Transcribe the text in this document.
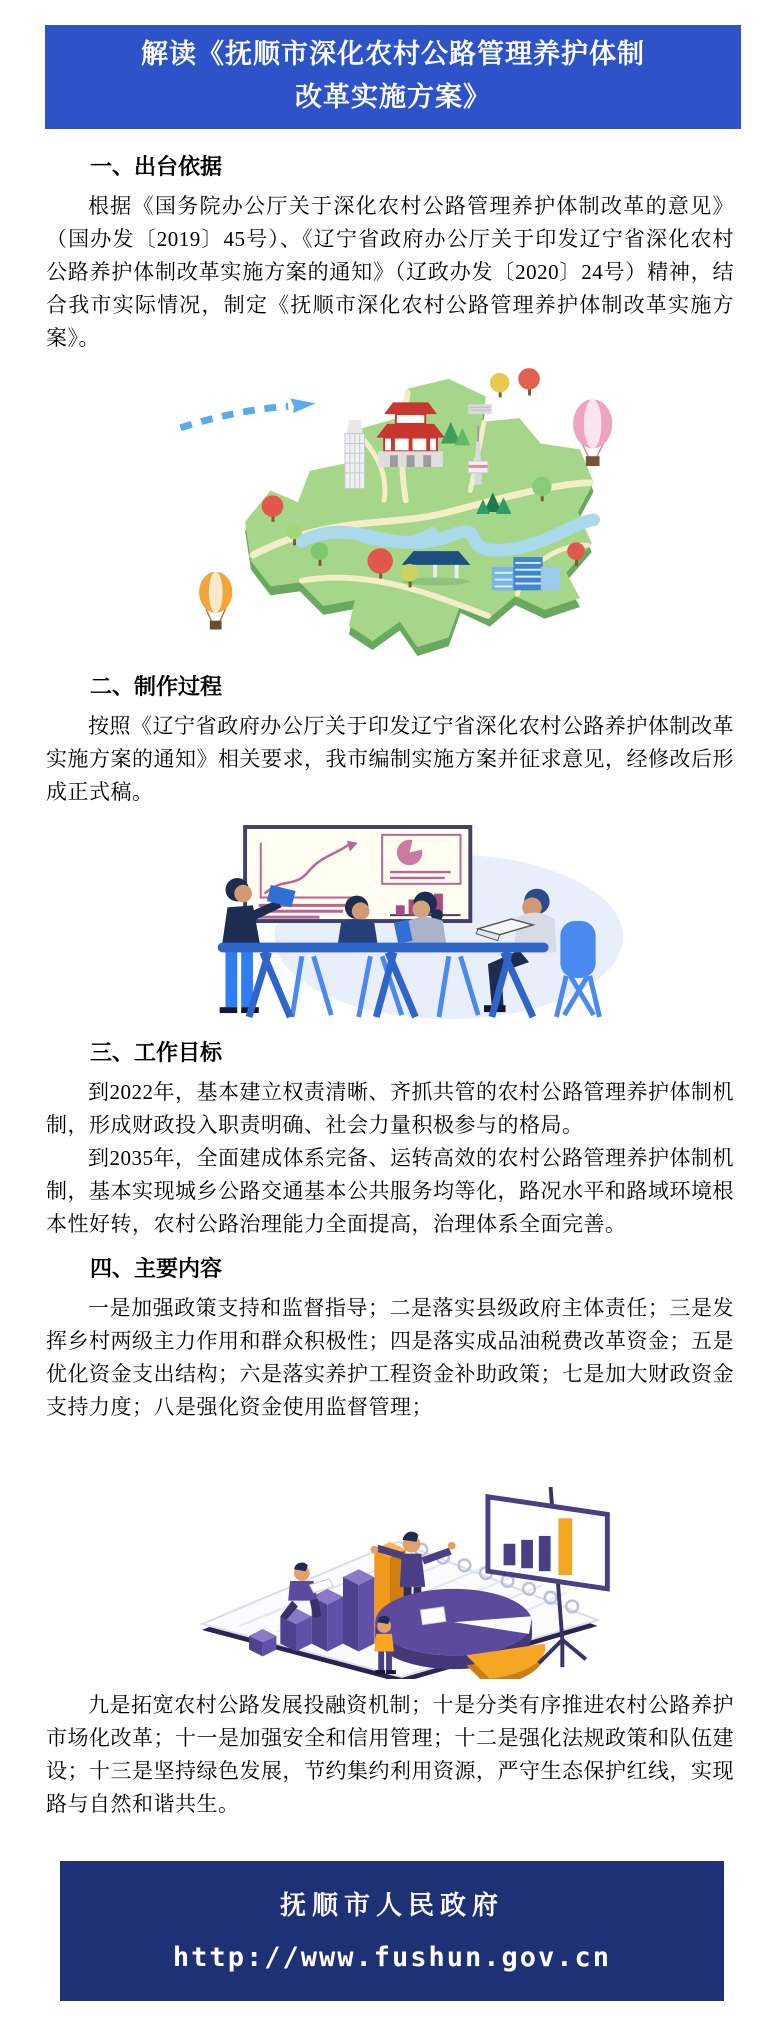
解读《抚顺市深化农村公路管理养护体制
改革实施方案》
一、出台依据

根据《国务院办公厅关于深化农村公路管理养护体制改革的意见》（国办发〔2019〕45号）、《辽宁省政府办公厅关于印发辽宁省深化农村公路养护体制改革实施方案的通知》（辽政办发〔2020〕24号）精神，结合我市实际情况，制定《抚顺市深化农村公路管理养护体制改革实施方案》。

二、制作过程

按照《辽宁省政府办公厅关于印发辽宁省深化农村公路养护体制改革实施方案的通知》相关要求，我市编制实施方案并征求意见，经修改后形成正式稿。

三、工作目标

到2022年，基本建立权责清晰、齐抓共管的农村公路管理养护体制机制，形成财政投入职责明确、社会力量积极参与的格局。

到2035年，全面建成体系完备、运转高效的农村公路管理养护体制机制，基本实现城乡公路交通基本公共服务均等化，路况水平和路域环境根本性好转，农村公路治理能力全面提高，治理体系全面完善。

四、主要内容

一是加强政策支持和监督指导；二是落实县级政府主体责任；三是发挥乡村两级主力作用和群众积极性；四是落实成品油税费改革资金；五是优化资金支出结构；六是落实养护工程资金补助政策；七是加大财政资金支持力度；八是强化资金使用监督管理；

九是拓宽农村公路发展投融资机制；十是分类有序推进农村公路养护市场化改革；十一是加强安全和信用管理；十二是强化法规政策和队伍建设；十三是坚持绿色发展，节约集约利用资源，严守生态保护红线，实现路与自然和谐共生。

抚顺市人民政府
http://www.fushun.gov.cn
